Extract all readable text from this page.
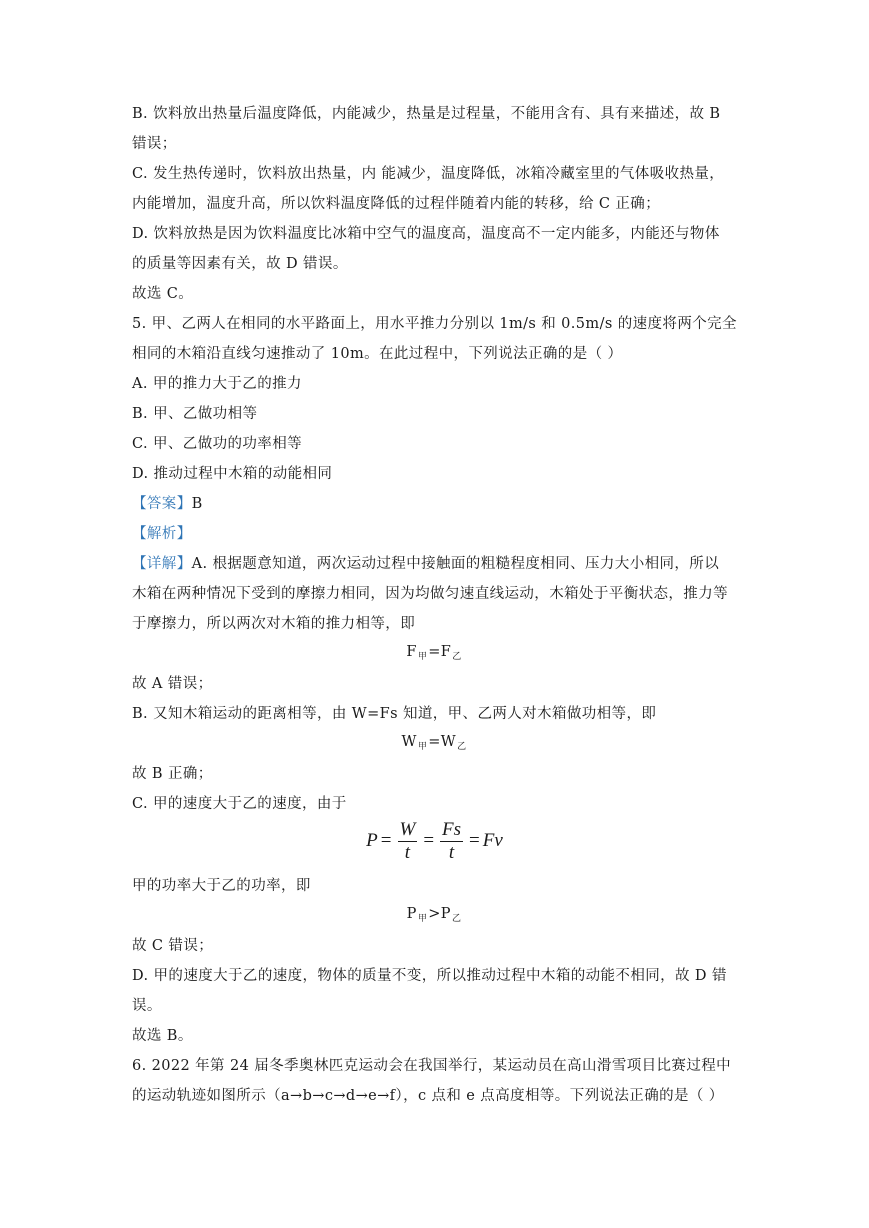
B. 饮料放出热量后温度降低，内能减少，热量是过程量，不能用含有、具有来描述，故 B
错误；
C. 发生热传递时，饮料放出热量，内 能减少，温度降低，冰箱冷藏室里的气体吸收热量，
内能增加，温度升高，所以饮料温度降低的过程伴随着内能的转移，给 C 正确；
D. 饮料放热是因为饮料温度比冰箱中空气的温度高，温度高不一定内能多，内能还与物体
的质量等因素有关，故 D 错误。
故选 C。
5. 甲、乙两人在相同的水平路面上，用水平推力分别以 1m/s 和 0.5m/s 的速度将两个完全
相同的木箱沿直线匀速推动了 10m。在此过程中，下列说法正确的是（ ）
A. 甲的推力大于乙的推力
B. 甲、乙做功相等
C. 甲、乙做功的功率相等
D. 推动过程中木箱的动能相同
【答案】B
【解析】
【详解】A. 根据题意知道，两次运动过程中接触面的粗糙程度相同、压力大小相同，所以
木箱在两种情况下受到的摩擦力相同，因为均做匀速直线运动，木箱处于平衡状态，推力等
于摩擦力，所以两次对木箱的推力相等，即
$F_甲=F_乙$
故 A 错误；
B. 又知木箱运动的距离相等，由 W=Fs 知道，甲、乙两人对木箱做功相等，即
$W_甲=W_乙$
故 B 正确；
C. 甲的速度大于乙的速度，由于
$P = \frac{W}{t} = \frac{Fs}{t} = Fv$
甲的功率大于乙的功率，即
$P_甲>P_乙$
故 C 错误；
D. 甲的速度大于乙的速度，物体的质量不变，所以推动过程中木箱的动能不相同，故 D 错
误。
故选 B。
6. 2022 年第 24 届冬季奥林匹克运动会在我国举行，某运动员在高山滑雪项目比赛过程中
的运动轨迹如图所示（a→b→c→d→e→f），c 点和 e 点高度相等。下列说法正确的是（ ）
